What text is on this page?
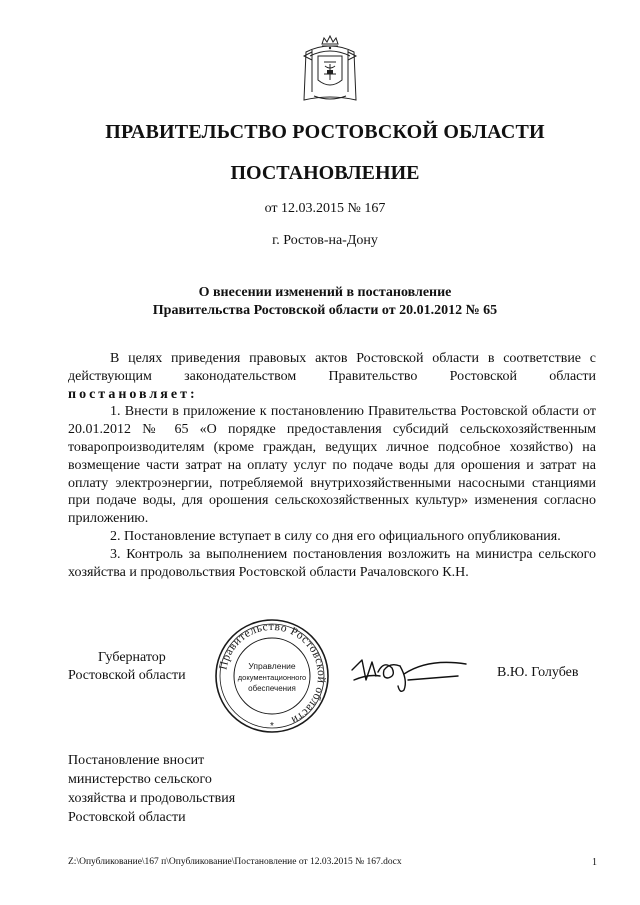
ПРАВИТЕЛЬСТВО РОСТОВСКОЙ ОБЛАСТИ
ПОСТАНОВЛЕНИЕ
от 12.03.2015 № 167
г. Ростов-на-Дону
О внесении изменений в постановление
Правительства Ростовской области от 20.01.2012 № 65

В целях приведения правовых актов Ростовской области в соответствие с действующим законодательством Правительство Ростовской области постановляет:

1. Внести в приложение к постановлению Правительства Ростовской области от 20.01.2012 № 65 «О порядке предоставления субсидий сельскохозяйственным товаропроизводителям (кроме граждан, ведущих личное подсобное хозяйство) на возмещение части затрат на оплату услуг по подаче воды для орошения и затрат на оплату электроэнергии, потребляемой внутрихозяйственными насосными станциями при подаче воды, для орошения сельскохозяйственных культур» изменения согласно приложению.

2. Постановление вступает в силу со дня его официального опубликования.

3. Контроль за выполнением постановления возложить на министра сельского хозяйства и продовольствия Ростовской области Рачаловского К.Н.

Губернатор
Ростовской области
Правительство Ростовской области
Управление
документационного
обеспечения
*
В.Ю. Голубев
Постановление вносит
министерство сельского
хозяйства и продовольствия
Ростовской области
Z:\Опубликование\167 п\Опубликование\Постановление от 12.03.2015 № 167.docx	1
